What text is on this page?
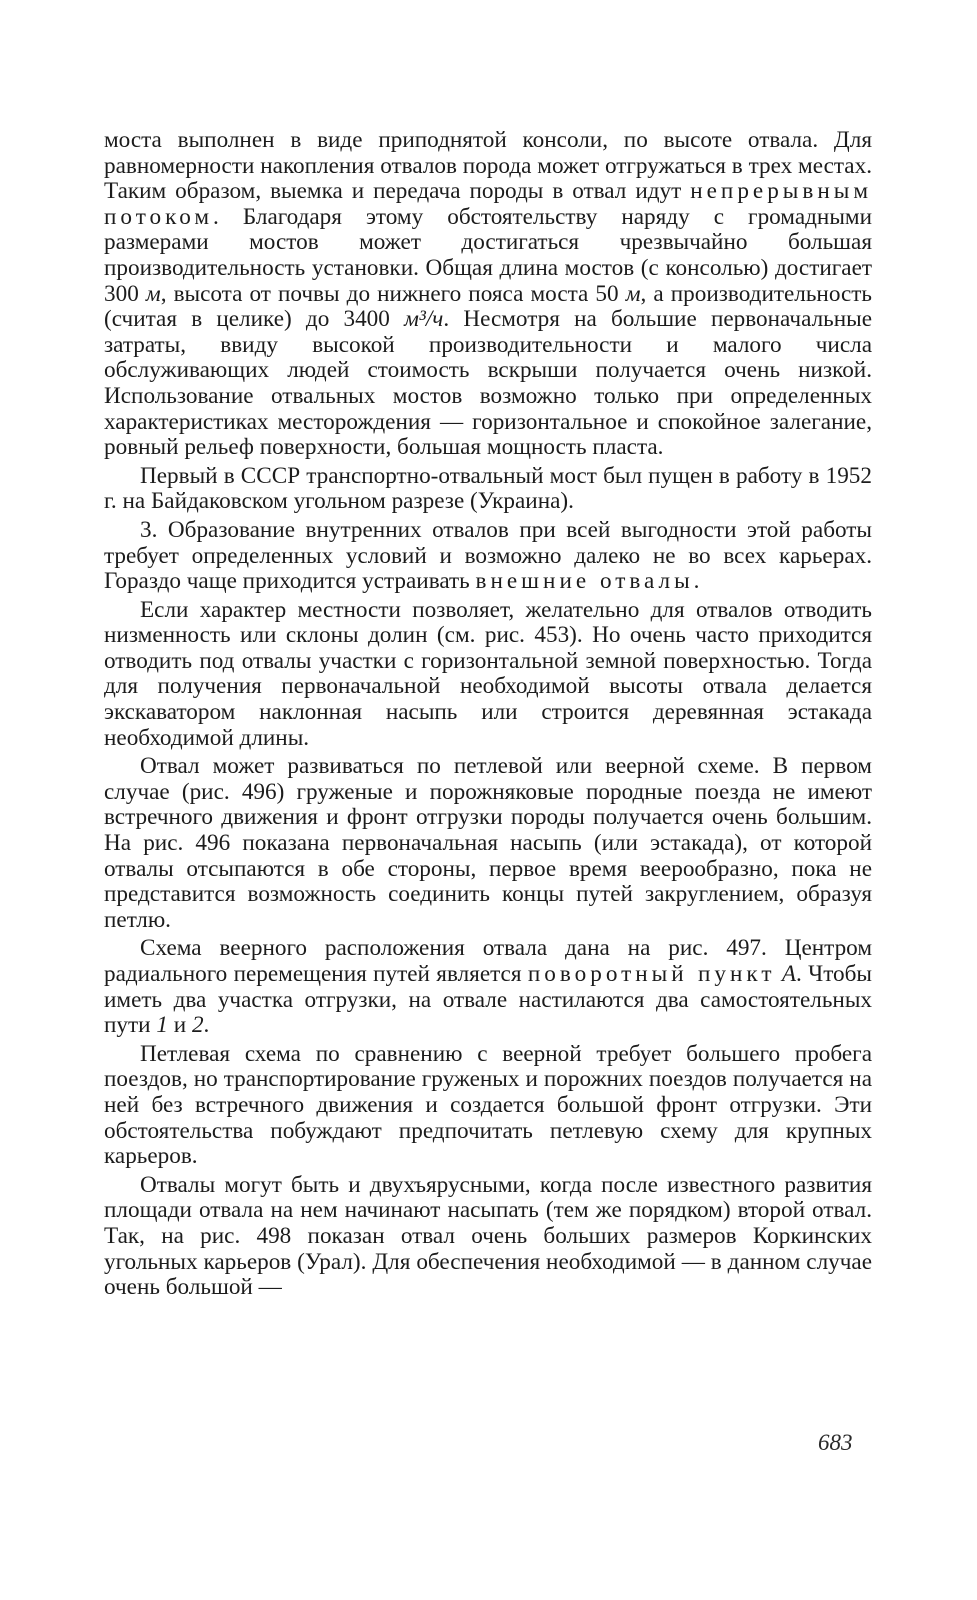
моста выполнен в виде приподнятой консоли, по высоте отвала. Для равномерности накопления отвалов порода может отгружаться в трех местах. Таким образом, выемка и передача породы в отвал идут непрерывным потоком. Благодаря этому обстоятельству наряду с громадными размерами мостов может достигаться чрезвычайно большая производительность установки. Общая длина мостов (с консолью) достигает 300 м, высота от почвы до нижнего пояса моста 50 м, а производительность (считая в целике) до 3400 м³/ч. Несмотря на большие первоначальные затраты, ввиду высокой производительности и малого числа обслуживающих людей стоимость вскрыши получается очень низкой. Использование отвальных мостов возможно только при определенных характеристиках месторождения — горизонтальное и спокойное залегание, ровный рельеф поверхности, большая мощность пласта.

Первый в СССР транспортно-отвальный мост был пущен в работу в 1952 г. на Байдаковском угольном разрезе (Украина).

3. Образование внутренних отвалов при всей выгодности этой работы требует определенных условий и возможно далеко не во всех карьерах. Гораздо чаще приходится устраивать внешние отвалы.

Если характер местности позволяет, желательно для отвалов отводить низменность или склоны долин (см. рис. 453). Но очень часто приходится отводить под отвалы участки с горизонтальной земной поверхностью. Тогда для получения первоначальной необходимой высоты отвала делается экскаватором наклонная насыпь или строится деревянная эстакада необходимой длины.

Отвал может развиваться по петлевой или веерной схеме. В первом случае (рис. 496) груженые и порожняковые породные поезда не имеют встречного движения и фронт отгрузки породы получается очень большим. На рис. 496 показана первоначальная насыпь (или эстакада), от которой отвалы отсыпаются в обе стороны, первое время веерообразно, пока не представится возможность соединить концы путей закруглением, образуя петлю.

Схема веерного расположения отвала дана на рис. 497. Центром радиального перемещения путей является поворотный пункт А. Чтобы иметь два участка отгрузки, на отвале настилаются два самостоятельных пути 1 и 2.

Петлевая схема по сравнению с веерной требует большего пробега поездов, но транспортирование груженых и порожних поездов получается на ней без встречного движения и создается большой фронт отгрузки. Эти обстоятельства побуждают предпочитать петлевую схему для крупных карьеров.

Отвалы могут быть и двухъярусными, когда после известного развития площади отвала на нем начинают насыпать (тем же порядком) второй отвал. Так, на рис. 498 показан отвал очень больших размеров Коркинских угольных карьеров (Урал). Для обеспечения необходимой — в данном случае очень большой —

683
